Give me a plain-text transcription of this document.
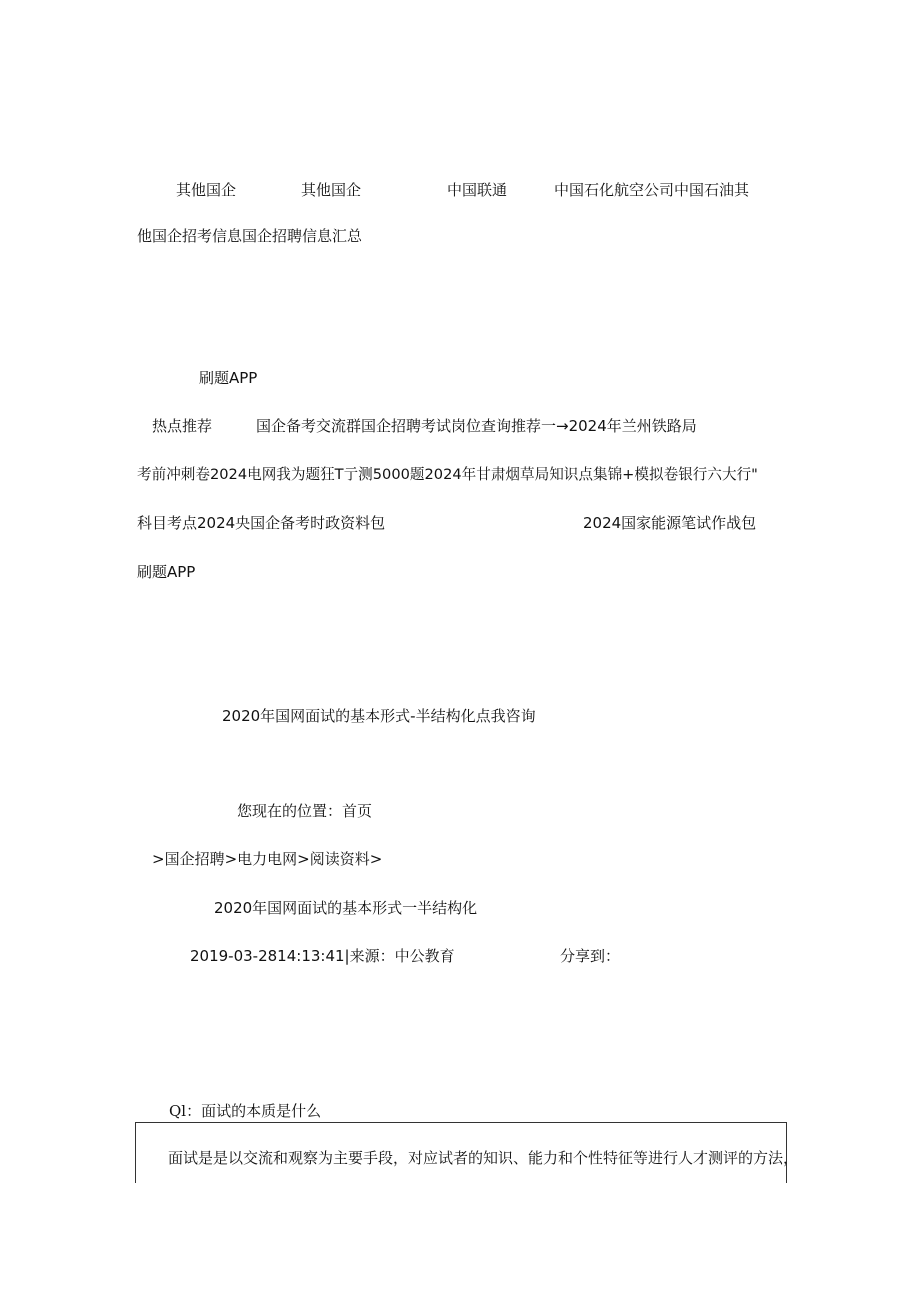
其他国企	其他国企	中国联通	中国石化航空公司中国石油其
他国企招考信息国企招聘信息汇总
刷题APP
热点推荐	国企备考交流群国企招聘考试岗位查询推荐一→2024年兰州铁路局
考前冲刺卷2024电网我为题狂T亍测5000题2024年甘肃烟草局知识点集锦+模拟卷银行六大行"
科目考点2024央国企备考时政资料包	2024国家能源笔试作战包
刷题APP
2020年国网面试的基本形式-半结构化点我咨询
您现在的位置：首页
>国企招聘>电力电网>阅读资料>
2020年国网面试的基本形式一半结构化
2019-03-2814:13:41|来源：中公教育	分享到：
Ql：面试的本质是什么
面试是是以交流和观察为主要手段，对应试者的知识、能力和个性特征等进行人才测评的方法，
